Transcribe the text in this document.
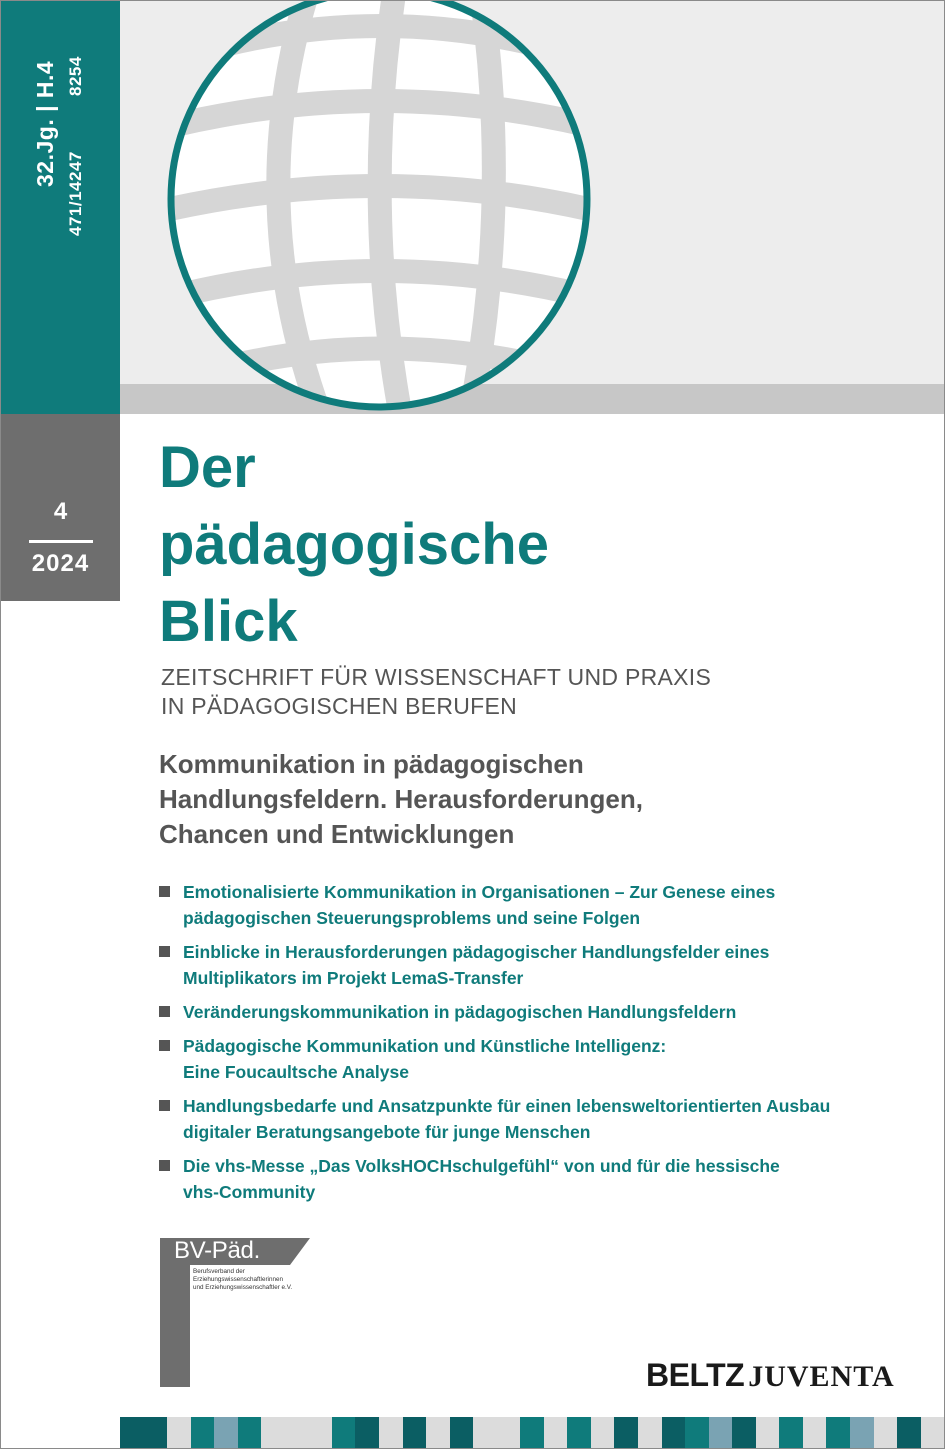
32.Jg. | H.4
471/14247
8254
4
2024
Der
pädagogische
Blick
ZEITSCHRIFT FÜR WISSENSCHAFT UND PRAXIS
IN PÄDAGOGISCHEN BERUFEN
Kommunikation in pädagogischen
Handlungsfeldern. Herausforderungen,
Chancen und Entwicklungen
Emotionalisierte Kommunikation in Organisationen – Zur Genese eines
pädagogischen Steuerungsproblems und seine Folgen
Einblicke in Herausforderungen pädagogischer Handlungsfelder eines
Multiplikators im Projekt LemaS-Transfer
Veränderungskommunikation in pädagogischen Handlungsfeldern
Pädagogische Kommunikation und Künstliche Intelligenz:
Eine Foucaultsche Analyse
Handlungsbedarfe und Ansatzpunkte für einen lebensweltorientierten Ausbau
digitaler Beratungsangebote für junge Menschen
Die vhs-Messe „Das VolksHOCHschulgefühl“ von und für die hessische
vhs-Community
BV-Päd.
Berufsverband der
Erziehungswissenschaftlerinnen
und Erziehungswissenschaftler e.V.
BELTZ JUVENTA
